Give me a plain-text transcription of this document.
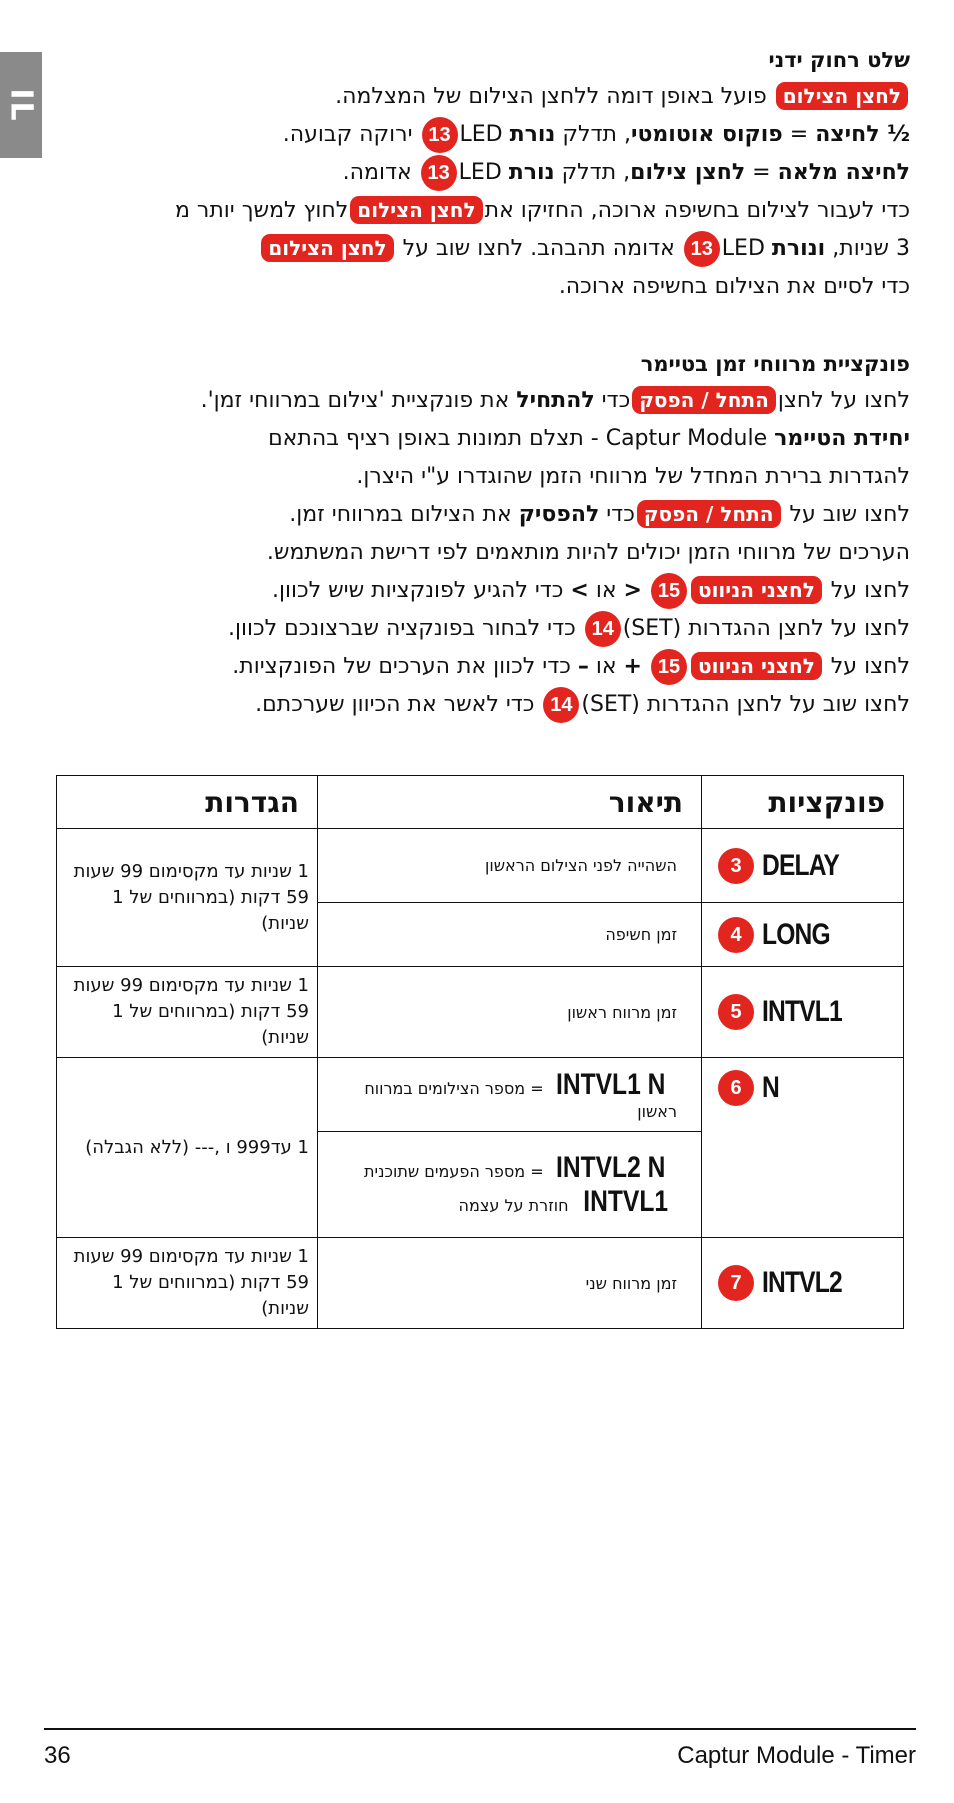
IL
שלט רחוק ידני
לחצן הצילום פועל באופן דומה ללחצן הצילום של המצלמה.
½ לחיצה = פוקוס אוטומטי, תדלק נורת LED13 ירוקה קבועה.
לחיצה מלאה = לחצן צילום, תדלק נורת LED13 אדומה.
כדי לעבור לצילום בחשיפה ארוכה, החזיקו אתלחצן הצילוםלחוץ למשך יותר מ
3 שניות, ונורת LED13 אדומה תהבהב. לחצו שוב על לחצן הצילום
כדי לסיים את הצילום בחשיפה ארוכה.
פונקציית מרווחי זמן בטיימר
לחצו על לחצןהתחל / הפסקכדי להתחיל את פונקציית 'צילום במרווחי זמן'.
יחידת הטיימר Captur Module - תצלם תמונות באופן רציף בהתאם
להגדרות ברירת המחדל של מרווחי הזמן שהוגדרו ע"י היצרן.
לחצו שוב על התחל / הפסקכדי להפסיק את הצילום במרווחי זמן.
הערכים של מרווחי הזמן יכולים להיות מותאמים לפי דרישת המשתמש.
לחצו על לחצני הניווט15 < או > כדי להגיע לפונקציות שיש לכוון.
לחצו על לחצן ההגדרות (SET)14 כדי לבחור בפונקציה שברצונכם לכוון.
לחצו על לחצני הניווט15 + או – כדי לכוון את הערכים של הפונקציות.
לחצו שוב על לחצן ההגדרות (SET)14 כדי לאשר את הכיוון שערכתם.
פונקציות	תיאור	הגדרות

3 DELAY	השהייה לפני הצילום הראשון	1 שניות עד מקסימום 99 שעות 59 דקות (במרווחים של 1 שניות)

4 LONG	זמן חשיפה	

5 INTVL1	זמן מרווח ראשון	1 שניות עד מקסימום 99 שעות 59 דקות (במרווחים של 1 שניות)

6 N	INTVL1 N= מספר הצילומים במרווח ראשון	1 עד999 ו ,--- (ללא הגבלה)

	INTVL2 N= מספר הפעמים שתוכנית
INTVL1 חוזרת על עצמה	

7 INTVL2	זמן מרווח שני	1 שניות עד מקסימום 99 שעות 59 דקות (במרווחים של 1 שניות)
36	Captur Module - Timer
